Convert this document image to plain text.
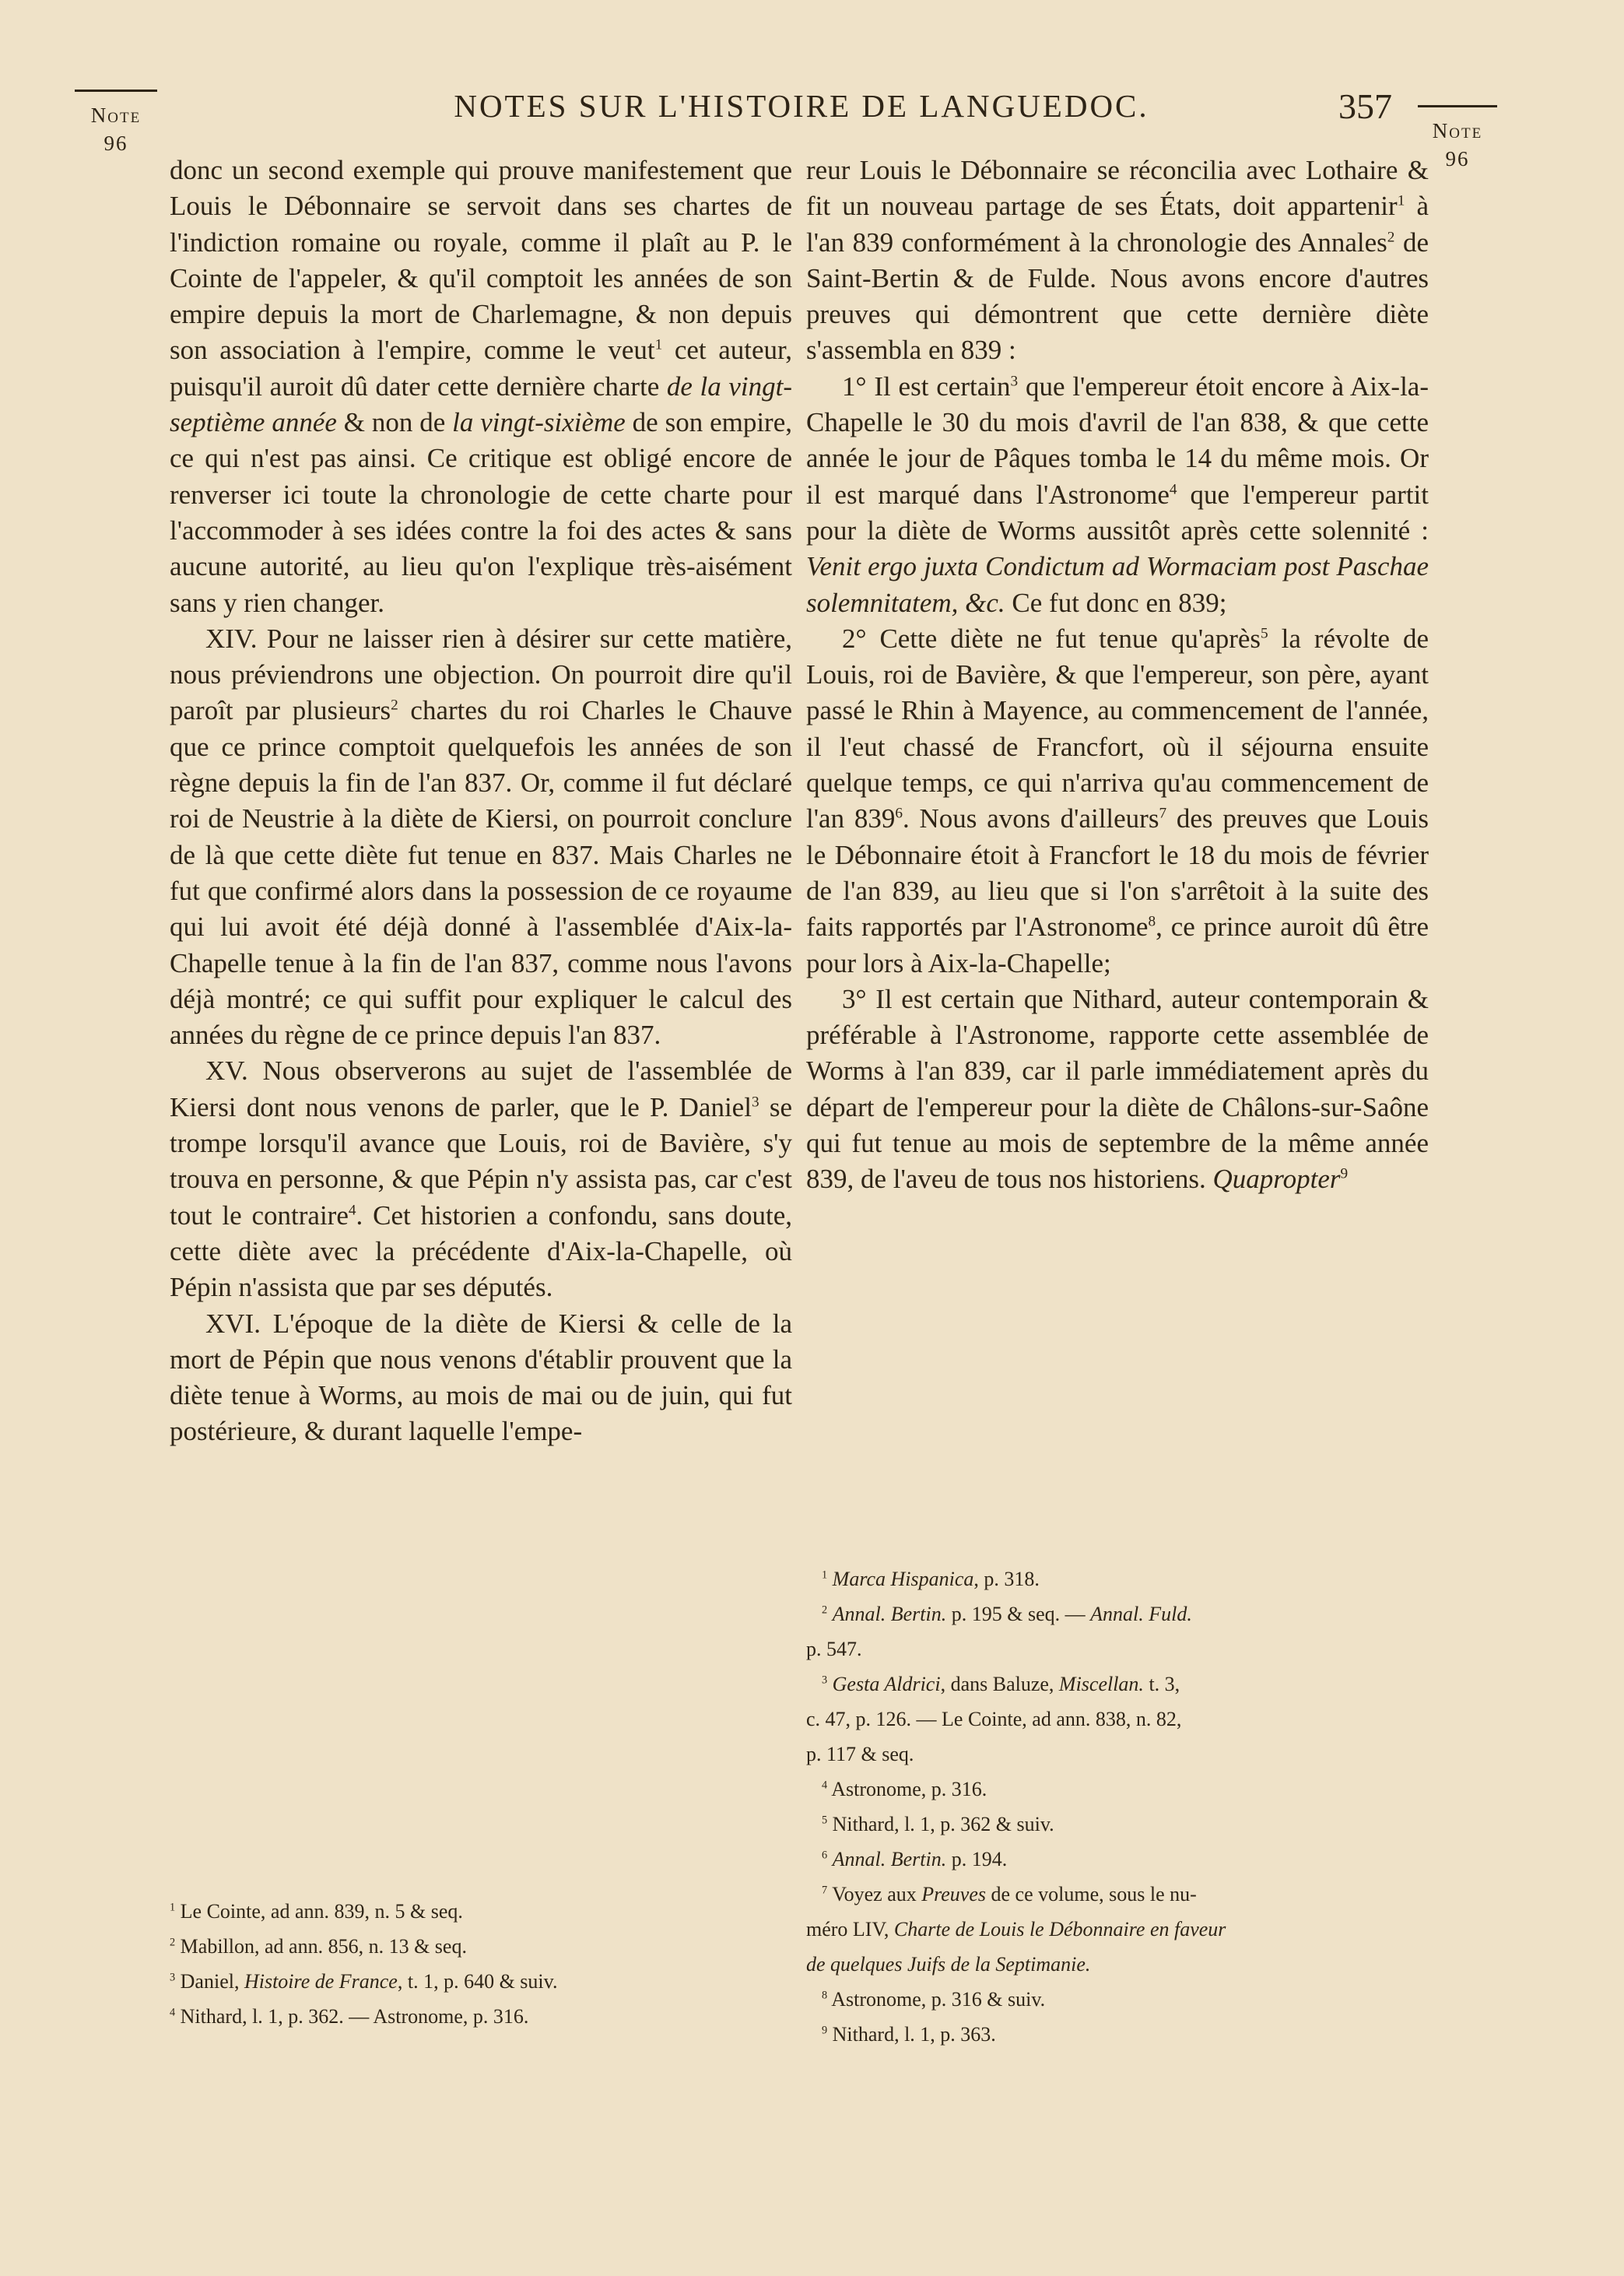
Note
96
Note
96
NOTES SUR L'HISTOIRE DE LANGUEDOC.	357

donc un second exemple qui prouve manifestement que Louis le Débonnaire se servoit dans ses chartes de l'indiction romaine ou royale, comme il plaît au P. le Cointe de l'appeler, & qu'il comptoit les années de son empire depuis la mort de Charlemagne, & non depuis son association à l'empire, comme le veut$^1$ cet auteur, puisqu'il auroit dû dater cette dernière charte de la vingt-septième année & non de la vingt-sixième de son empire, ce qui n'est pas ainsi. Ce critique est obligé encore de renverser ici toute la chronologie de cette charte pour l'accommoder à ses idées contre la foi des actes & sans aucune autorité, au lieu qu'on l'explique très-aisément sans y rien changer.

XIV. Pour ne laisser rien à désirer sur cette matière, nous préviendrons une objection. On pourroit dire qu'il paroît par plusieurs$^2$ chartes du roi Charles le Chauve que ce prince comptoit quelquefois les années de son règne depuis la fin de l'an 837. Or, comme il fut déclaré roi de Neustrie à la diète de Kiersi, on pourroit conclure de là que cette diète fut tenue en 837. Mais Charles ne fut que confirmé alors dans la possession de ce royaume qui lui avoit été déjà donné à l'assemblée d'Aix-la-Chapelle tenue à la fin de l'an 837, comme nous l'avons déjà montré; ce qui suffit pour expliquer le calcul des années du règne de ce prince depuis l'an 837.

XV. Nous observerons au sujet de l'assemblée de Kiersi dont nous venons de parler, que le P. Daniel$^3$ se trompe lorsqu'il avance que Louis, roi de Bavière, s'y trouva en personne, & que Pépin n'y assista pas, car c'est tout le contraire$^4$. Cet historien a confondu, sans doute, cette diète avec la précédente d'Aix-la-Chapelle, où Pépin n'assista que par ses députés.

XVI. L'époque de la diète de Kiersi & celle de la mort de Pépin que nous venons d'établir prouvent que la diète tenue à Worms, au mois de mai ou de juin, qui fut postérieure, & durant laquelle l'empe-

reur Louis le Débonnaire se réconcilia avec Lothaire & fit un nouveau partage de ses États, doit appartenir$^1$ à l'an 839 conformément à la chronologie des Annales$^2$ de Saint-Bertin & de Fulde. Nous avons encore d'autres preuves qui démontrent que cette dernière diète s'assembla en 839 :

1° Il est certain$^3$ que l'empereur étoit encore à Aix-la-Chapelle le 30 du mois d'avril de l'an 838, & que cette année le jour de Pâques tomba le 14 du même mois. Or il est marqué dans l'Astronome$^4$ que l'empereur partit pour la diète de Worms aussitôt après cette solennité : Venit ergo juxta Condictum ad Wormaciam post Paschae solemnitatem, &c. Ce fut donc en 839;

2° Cette diète ne fut tenue qu'après$^5$ la révolte de Louis, roi de Bavière, & que l'empereur, son père, ayant passé le Rhin à Mayence, au commencement de l'année, il l'eut chassé de Francfort, où il séjourna ensuite quelque temps, ce qui n'arriva qu'au commencement de l'an $839^6$. Nous avons d'ailleurs$^7$ des preuves que Louis le Débonnaire étoit à Francfort le 18 du mois de février de l'an 839, au lieu que si l'on s'arrêtoit à la suite des faits rapportés par l'Astronome$^8$, ce prince auroit dû être pour lors à Aix-la-Chapelle;

3° Il est certain que Nithard, auteur contemporain & préférable à l'Astronome, rapporte cette assemblée de Worms à l'an 839, car il parle immédiatement après du départ de l'empereur pour la diète de Châlons-sur-Saône qui fut tenue au mois de septembre de la même année 839, de l'aveu de tous nos historiens. Quapropter$^9$

$^1$ Le Cointe, ad ann. 839, n. 5 & seq.
$^2$ Mabillon, ad ann. 856, n. 13 & seq.
$^3$ Daniel, Histoire de France, t. 1, p. 640 & suiv.
$^4$ Nithard, l. 1, p. 362. — Astronome, p. 316.
$^1$ Marca Hispanica, p. 318.
$^2$ Annal. Bertin. p. 195 & seq. — Annal. Fuld.
p. 547.
$^3$ Gesta Aldrici, dans Baluze, Miscellan. t. 3,
c. 47, p. 126. — Le Cointe, ad ann. 838, n. 82,
p. 117 & seq.
$^4$ Astronome, p. 316.
$^5$ Nithard, l. 1, p. 362 & suiv.
$^6$ Annal. Bertin. p. 194.
$^7$ Voyez aux Preuves de ce volume, sous le nu-
méro LIV, Charte de Louis le Débonnaire en faveur
de quelques Juifs de la Septimanie.
$^8$ Astronome, p. 316 & suiv.
$^9$ Nithard, l. 1, p. 363.
